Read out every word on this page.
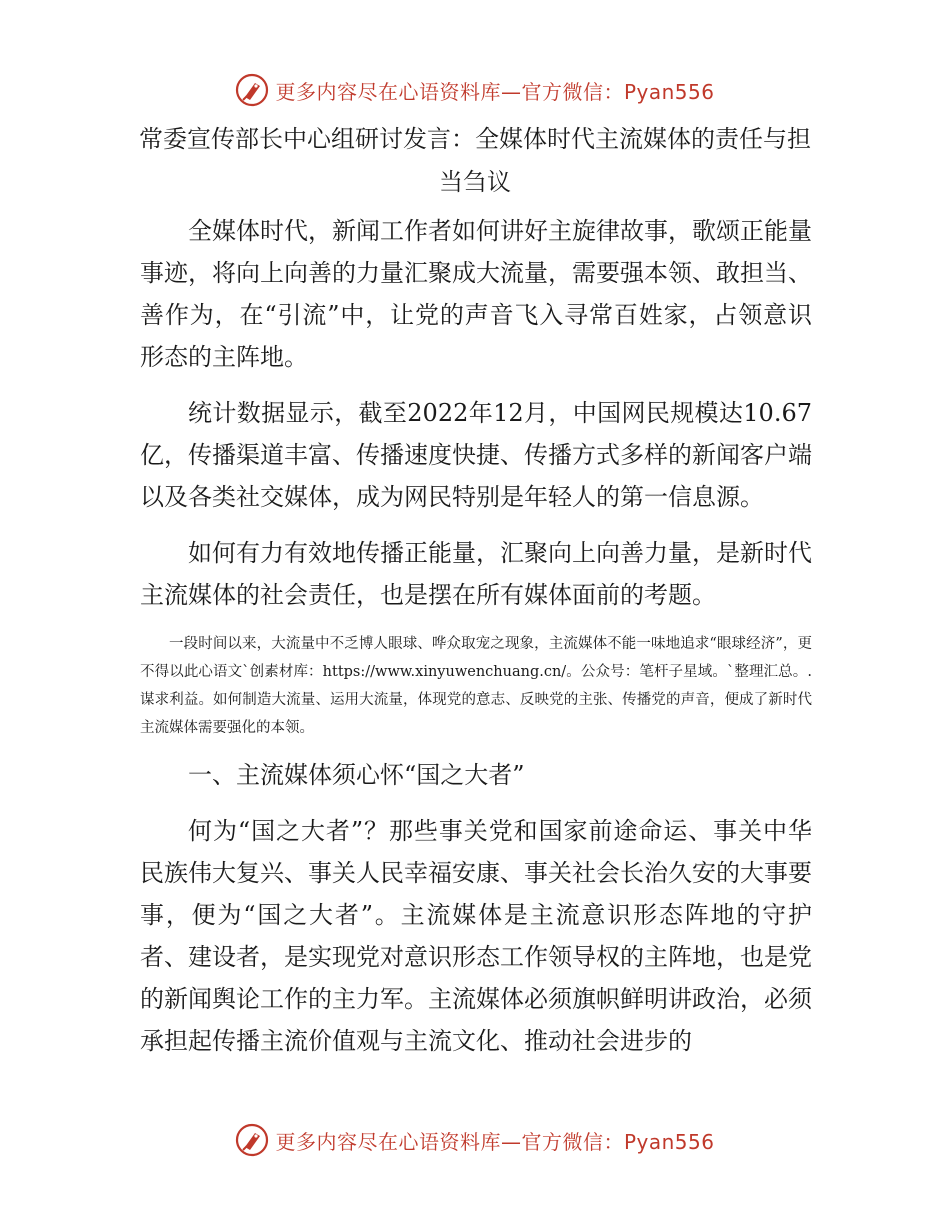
更多内容尽在心语资料库—官方微信：Pyan556
常委宣传部长中心组研讨发言：全媒体时代主流媒体的责任与担当刍议

全媒体时代，新闻工作者如何讲好主旋律故事，歌颂正能量事迹，将向上向善的力量汇聚成大流量，需要强本领、敢担当、善作为，在“引流”中，让党的声音飞入寻常百姓家，占领意识形态的主阵地。

统计数据显示，截至2022年12月，中国网民规模达10.67亿，传播渠道丰富、传播速度快捷、传播方式多样的新闻客户端以及各类社交媒体，成为网民特别是年轻人的第一信息源。

如何有力有效地传播正能量，汇聚向上向善力量，是新时代主流媒体的社会责任，也是摆在所有媒体面前的考题。

一段时间以来，大流量中不乏博人眼球、哗众取宠之现象，主流媒体不能一味地追求“眼球经济”，更不得以此心语文`创素材库：https://www.xinyuwenchuang.cn/。公众号：笔杆子星域。`整理汇总。.谋求利益。如何制造大流量、运用大流量，体现党的意志、反映党的主张、传播党的声音，便成了新时代主流媒体需要强化的本领。

一、主流媒体须心怀“国之大者”

何为“国之大者”？那些事关党和国家前途命运、事关中华民族伟大复兴、事关人民幸福安康、事关社会长治久安的大事要事，便为“国之大者”。主流媒体是主流意识形态阵地的守护者、建设者，是实现党对意识形态工作领导权的主阵地，也是党的新闻舆论工作的主力军。主流媒体必须旗帜鲜明讲政治，必须承担起传播主流价值观与主流文化、推动社会进步的

更多内容尽在心语资料库—官方微信：Pyan556
